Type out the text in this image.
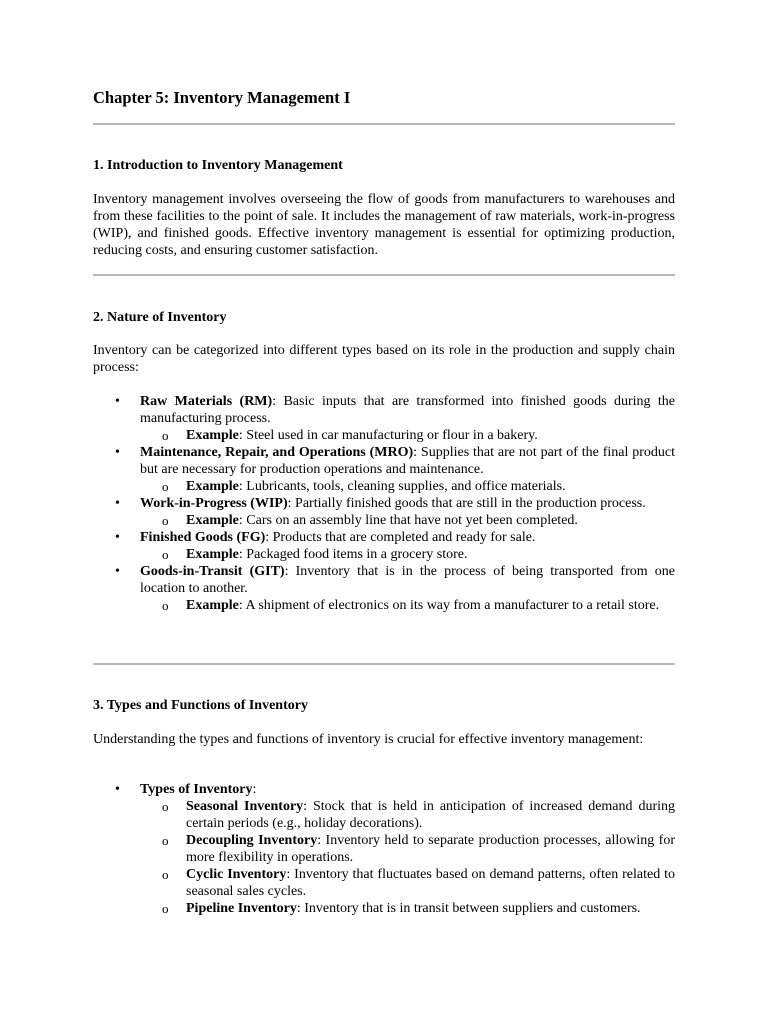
Chapter 5: Inventory Management I
1. Introduction to Inventory Management

Inventory management involves overseeing the flow of goods from manufacturers to warehouses and from these facilities to the point of sale. It includes the management of raw materials, work-in-progress (WIP), and finished goods. Effective inventory management is essential for optimizing production, reducing costs, and ensuring customer satisfaction.

2. Nature of Inventory

Inventory can be categorized into different types based on its role in the production and supply chain process:

• Raw Materials (RM): Basic inputs that are transformed into finished goods during the manufacturing process.
o Example: Steel used in car manufacturing or flour in a bakery.
• Maintenance, Repair, and Operations (MRO): Supplies that are not part of the final product but are necessary for production operations and maintenance.
o Example: Lubricants, tools, cleaning supplies, and office materials.
• Work-in-Progress (WIP): Partially finished goods that are still in the production process.
o Example: Cars on an assembly line that have not yet been completed.
• Finished Goods (FG): Products that are completed and ready for sale.
o Example: Packaged food items in a grocery store.
• Goods-in-Transit (GIT): Inventory that is in the process of being transported from one location to another.
o Example: A shipment of electronics on its way from a manufacturer to a retail store.
3. Types and Functions of Inventory

Understanding the types and functions of inventory is crucial for effective inventory management:

• Types of Inventory:
o Seasonal Inventory: Stock that is held in anticipation of increased demand during certain periods (e.g., holiday decorations).
o Decoupling Inventory: Inventory held to separate production processes, allowing for more flexibility in operations.
o Cyclic Inventory: Inventory that fluctuates based on demand patterns, often related to seasonal sales cycles.
o Pipeline Inventory: Inventory that is in transit between suppliers and customers.
